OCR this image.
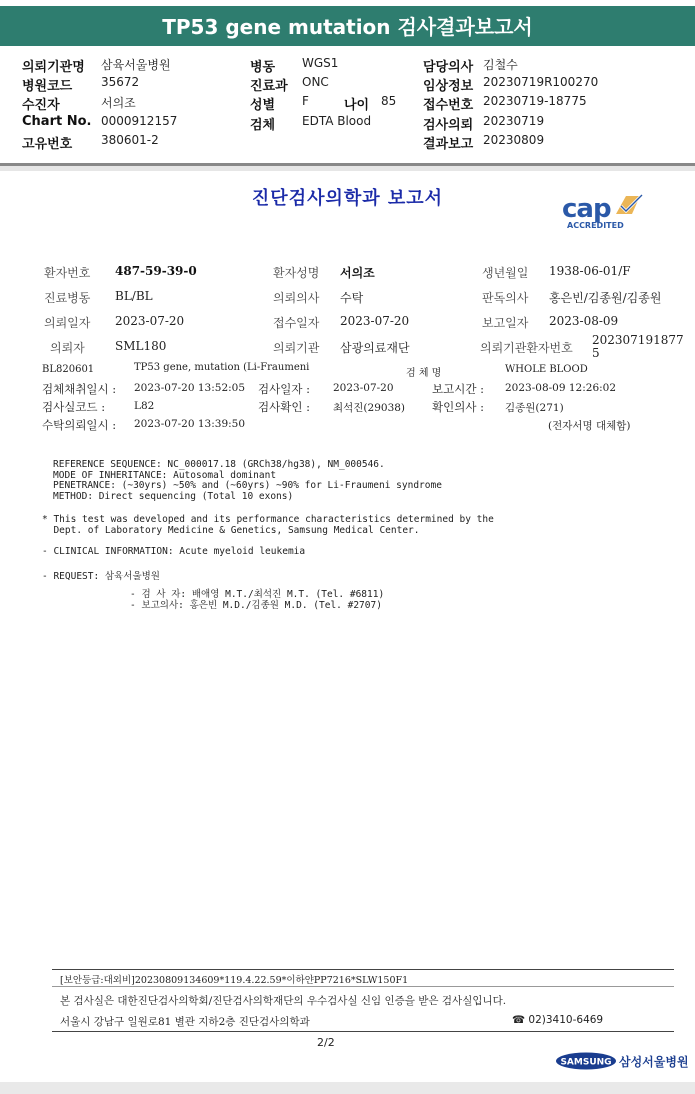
TP53 gene mutation 검사결과보고서
의뢰기관명 삼육서울병원
병원코드 35672
수진자	서의조
Chart No. 0000912157
고유번호 380601-2
병동 WGS1
진료과 ONC
성별 F	나이 85
검체 EDTA Blood
담당의사 김철수
임상정보 20230719R100270
접수번호 20230719-18775
검사의뢰 20230719
결과보고 20230809
진단검사의학과 보고서	cap
ACCREDITED
환자번호 487-59-39-0	환자성명 서의조	생년월일 1938-06-01/F
진료병동 BL/BL	의뢰의사 수탁	판독의사 홍은빈/김종원/김종원
의뢰일자 2023-07-20	접수일자 2023-07-20	보고일자 2023-08-09
의뢰자	SML180	의뢰기관 삼광의료재단	의뢰기관환자번호
202307191877
5
BL820601	TP53 gene, mutation (Li-Fraumeni
검 체 명	WHOLE BLOOD
검체채취일시 : 2023-07-20 13:52:05 검사일자 : 2023-07-20	보고시간 : 2023-08-09 12:26:02
검사실코드 :	L82	검사확인 : 최석진(29038) 확인의사 : 김종원(271)
수탁의뢰일시 : 2023-07-20 13:39:50	(전자서명 대체함)
REFERENCE SEQUENCE: NC_000017.18 (GRCh38/hg38), NM_000546.
MODE OF INHERITANCE: Autosomal dominant
PENETRANCE: (~30yrs) ~50% and (~60yrs) ~90% for Li-Fraumeni syndrome
METHOD: Direct sequencing (Total 10 exons)
* This test was developed and its performance characteristics determined by the
Dept. of Laboratory Medicine & Genetics, Samsung Medical Center.
- CLINICAL INFORMATION: Acute myeloid leukemia
- REQUEST: 삼육서울병원
- 검 사 자: 배애영 M.T./최석진 M.T. (Tel. #6811)
- 보고의사: 홍은빈 M.D./김종원 M.D. (Tel. #2707)
[보안등급:대외비]20230809134609*119.4.22.59*이하얀PP7216*SLW150F1
본 검사실은 대한진단검사의학회/진단검사의학재단의 우수검사실 신임 인증을 받은 검사실입니다.
서울시 강남구 일원로81 별관 지하2층 진단검사의학과	☎ 02)3410-6469
2/2
SAMSUNG 삼성서울병원
